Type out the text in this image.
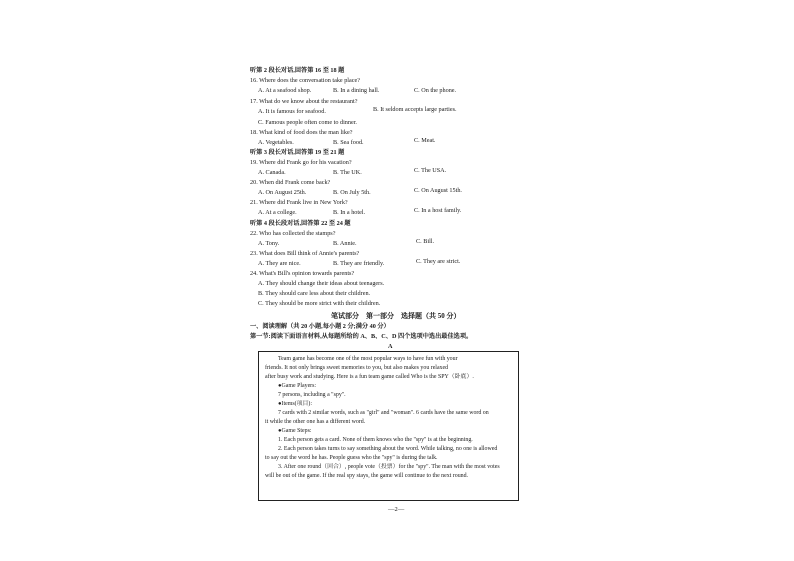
听第 2 段长对话,回答第 16 至 18 题
16. Where does the conversation take place?
A. At a seafood shop.	B. In a dining hall.	C. On the phone.
17. What do we know about the restaurant?
A. It is famous for seafood.	B. It seldom accepts large parties.
C. Famous people often come to dinner.
18. What kind of food does the man like?
A. Vegetables.	B. Sea food.	C. Meat.
听第 3 段长对话,回答第 19 至 21 题
19. Where did Frank go for his vacation?
A. Canada.	B. The UK.	C. The USA.
20. When did Frank come back?
A. On August 25th.	B. On July 5th.	C. On August 15th.
21. Where did Frank live in New York?
A. At a college.	B. In a hotel.	C. In a host family.
听第 4 段长段对话,回答第 22 至 24 题
22. Who has collected the stamps?
A. Tony.	B. Annie.	C. Bill.
23. What does Bill think of Annie's parents?
A. They are nice.	B. They are friendly.	C. They are strict.
24. What's Bill's opinion towards parents?
A. They should change their ideas about teenagers.
B. They should care less about their children.
C. They should be more strict with their children.
笔试部分　第一部分　选择题（共 50 分）
一、阅读理解（共 20 小题,每小题 2 分;满分 40 分）
第一节:阅读下面语言材料,从每题所给的 A、B、C、D 四个选项中选出最佳选项。
A
Team game has become one of the most popular ways to have fun with your
friends. It not only brings sweet memories to you, but also makes you relaxed
after busy work and studying. Here is a fun team game called Who is the SPY（卧底）.
●Game Players:
7 persons, including a "spy".
●Items(项目):
7 cards with 2 similar words, such as "girl" and "woman". 6 cards have the same word on
it while the other one has a different word.
●Game Steps:
1. Each person gets a card. None of them knows who the "spy" is at the beginning.
2. Each person takes turns to say something about the word. While talking, no one is allowed
to say out the word he has. People guess who the "spy" is during the talk.
3. After one round（回合）, people vote（投票）for the "spy". The man with the most votes
will be out of the game. If the real spy stays, the game will continue to the next round.
—2—
